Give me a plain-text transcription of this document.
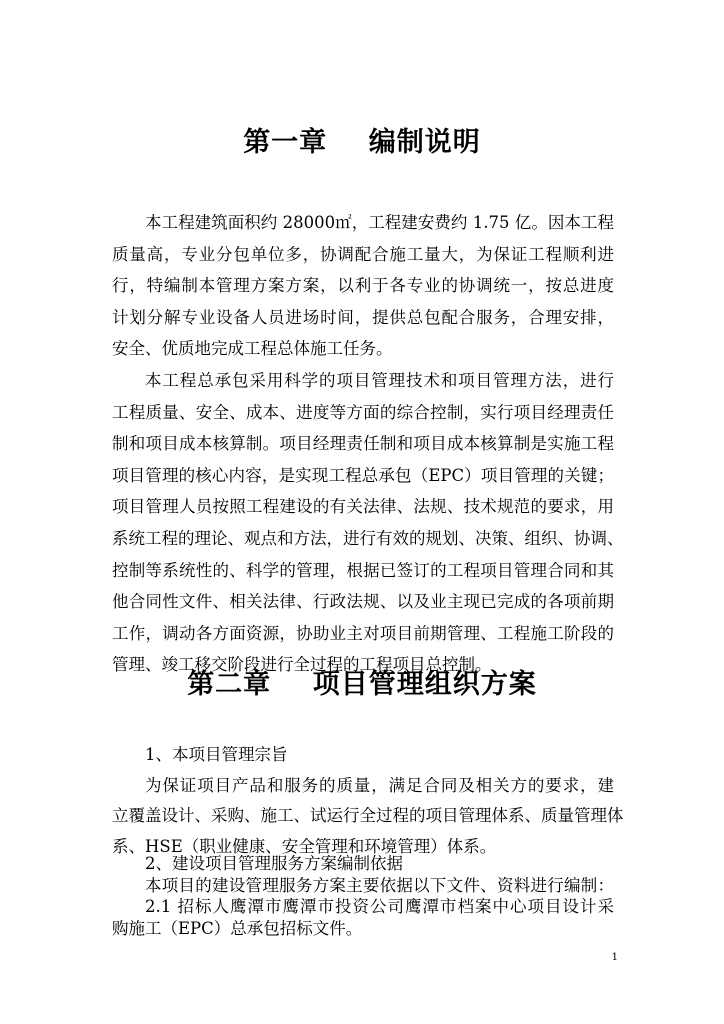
第一章    编制说明
本工程建筑面积约 28000㎡，工程建安费约 1.75 亿。因本工程
质量高，专业分包单位多，协调配合施工量大，为保证工程顺利进
行，特编制本管理方案方案，以利于各专业的协调统一，按总进度
计划分解专业设备人员进场时间，提供总包配合服务，合理安排，
安全、优质地完成工程总体施工任务。
本工程总承包采用科学的项目管理技术和项目管理方法，进行
工程质量、安全、成本、进度等方面的综合控制，实行项目经理责任
制和项目成本核算制。项目经理责任制和项目成本核算制是实施工程
项目管理的核心内容，是实现工程总承包（EPC）项目管理的关键；
项目管理人员按照工程建设的有关法律、法规、技术规范的要求，用
系统工程的理论、观点和方法，进行有效的规划、决策、组织、协调、
控制等系统性的、科学的管理，根据已签订的工程项目管理合同和其
他合同性文件、相关法律、行政法规、以及业主现已完成的各项前期
工作，调动各方面资源，协助业主对项目前期管理、工程施工阶段的
管理、竣工移交阶段进行全过程的工程项目总控制。
第二章    项目管理组织方案
1、本项目管理宗旨
为保证项目产品和服务的质量，满足合同及相关方的要求，建
立覆盖设计、采购、施工、试运行全过程的项目管理体系、质量管理体
系、HSE（职业健康、安全管理和环境管理）体系。
2、建设项目管理服务方案编制依据
本项目的建设管理服务方案主要依据以下文件、资料进行编制：
2.1 招标人鹰潭市鹰潭市投资公司鹰潭市档案中心项目设计采
购施工（EPC）总承包招标文件。
1
